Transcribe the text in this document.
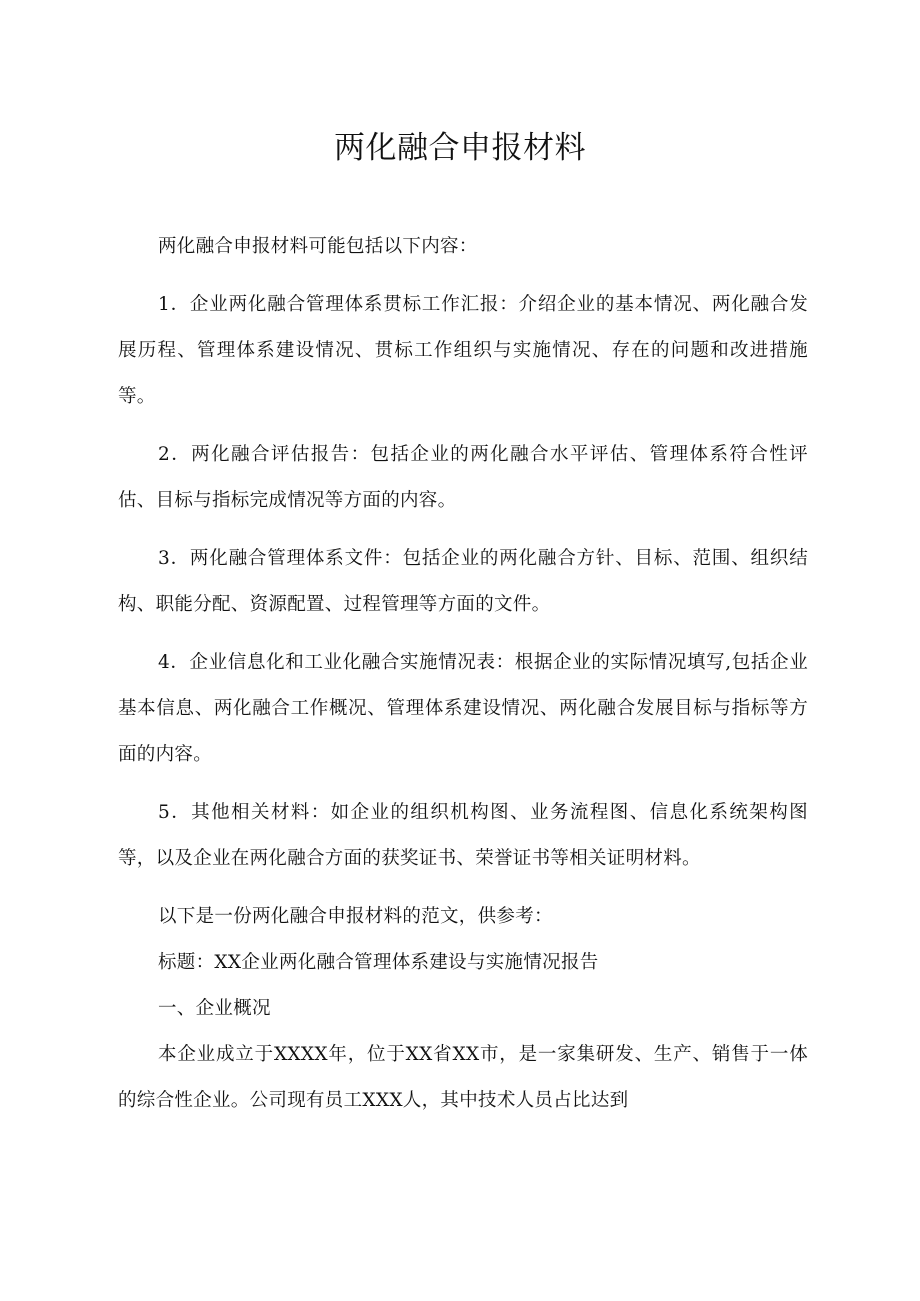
两化融合申报材料

两化融合申报材料可能包括以下内容：

1．企业两化融合管理体系贯标工作汇报：介绍企业的基本情况、两化融合发展历程、管理体系建设情况、贯标工作组织与实施情况、存在的问题和改进措施等。

2．两化融合评估报告：包括企业的两化融合水平评估、管理体系符合性评估、目标与指标完成情况等方面的内容。

3．两化融合管理体系文件：包括企业的两化融合方针、目标、范围、组织结构、职能分配、资源配置、过程管理等方面的文件。

4．企业信息化和工业化融合实施情况表：根据企业的实际情况填写,包括企业基本信息、两化融合工作概况、管理体系建设情况、两化融合发展目标与指标等方面的内容。

5．其他相关材料：如企业的组织机构图、业务流程图、信息化系统架构图等，以及企业在两化融合方面的获奖证书、荣誉证书等相关证明材料。

以下是一份两化融合申报材料的范文，供参考：

标题：XX企业两化融合管理体系建设与实施情况报告

一、企业概况

本企业成立于XXXX年，位于XX省XX市，是一家集研发、生产、销售于一体的综合性企业。公司现有员工XXX人，其中技术人员占比达到
